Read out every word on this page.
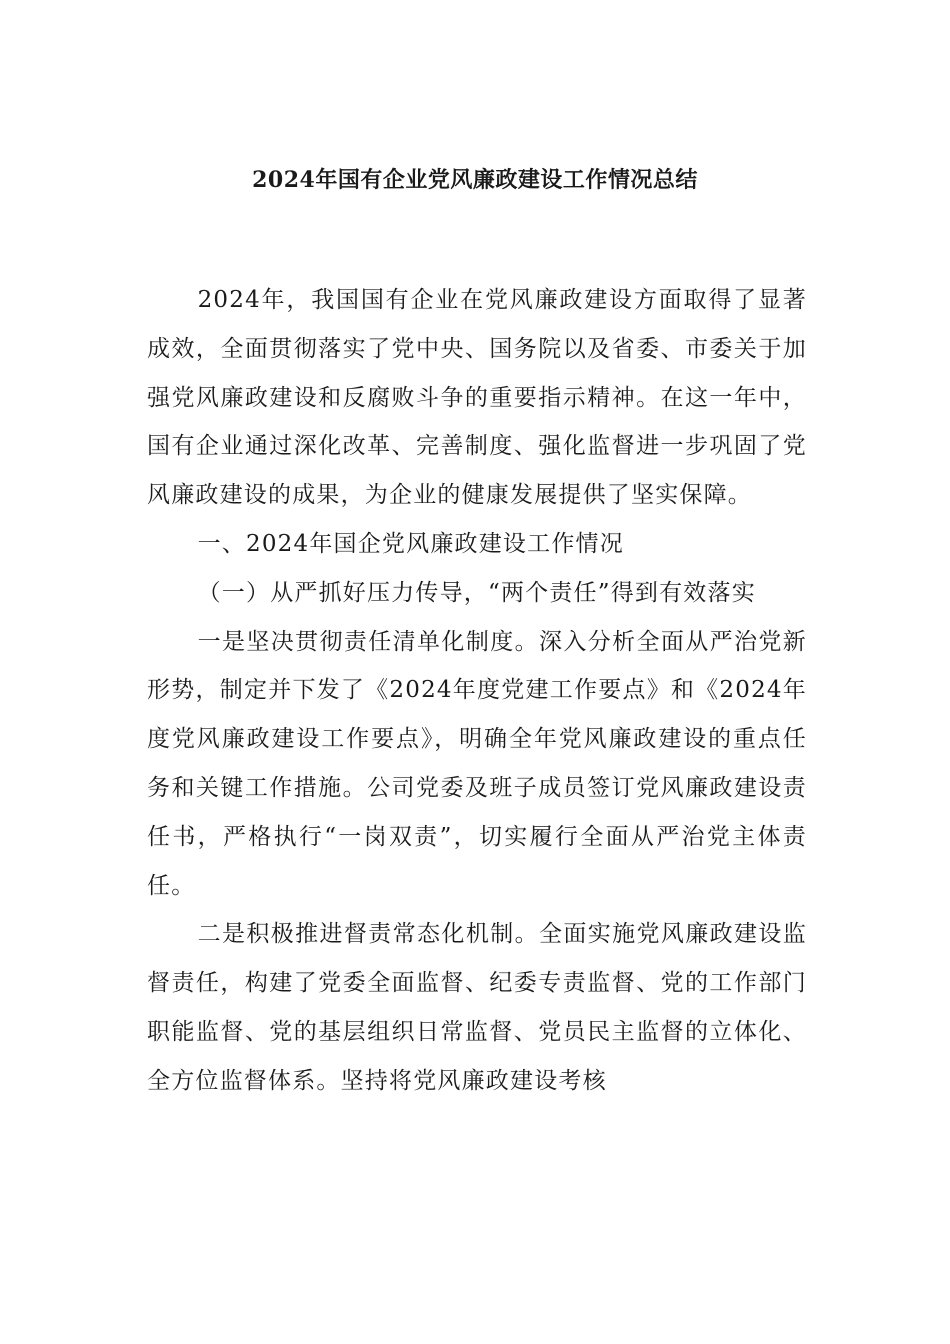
2024年国有企业党风廉政建设工作情况总结

2024年，我国国有企业在党风廉政建设方面取得了显著成效，全面贯彻落实了党中央、国务院以及省委、市委关于加强党风廉政建设和反腐败斗争的重要指示精神。在这一年中，国有企业通过深化改革、完善制度、强化监督进一步巩固了党风廉政建设的成果，为企业的健康发展提供了坚实保障。

一、2024年国企党风廉政建设工作情况

（一）从严抓好压力传导，“两个责任”得到有效落实

一是坚决贯彻责任清单化制度。深入分析全面从严治党新形势，制定并下发了《2024年度党建工作要点》和《2024年度党风廉政建设工作要点》，明确全年党风廉政建设的重点任务和关键工作措施。公司党委及班子成员签订党风廉政建设责任书，严格执行“一岗双责”，切实履行全面从严治党主体责任。

二是积极推进督责常态化机制。全面实施党风廉政建设监督责任，构建了党委全面监督、纪委专责监督、党的工作部门职能监督、党的基层组织日常监督、党员民主监督的立体化、全方位监督体系。坚持将党风廉政建设考核
